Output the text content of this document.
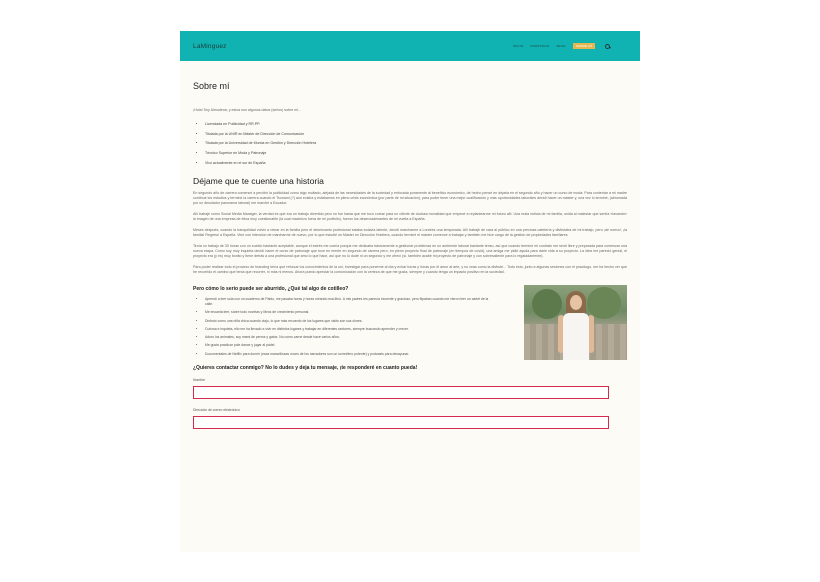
LaMinguez	INICIO PORTFOLIO BLOG	SOBRE MÍ
Sobre mí

¡Hola! Soy Almudena, y estos son algunos datos (serios) sobre mí...

• Licenciada en Publicidad y RR.PP.
• Titulada por la UNIR en Máster de Dirección de Comunicación
• Titulada por la Universidad de Murcia en Gestión y Dirección Hotelera
• Técnico Superior en Moda y Patronaje
• Vivo actualmente en el sur de España
Déjame que te cuente una historia

En segundo año de carrera comencé a percibir la publicidad como algo multado, alejada de las necesidades de la sociedad y enfocada puramente al beneficio económico, de hecho pensé en dejarla en el segundo año y hacer un curso de moda. Para contentar a mi madre continué los estudios y terminé la carrera cuando el Tsunami (?) aún existía y estábamos en pleno crisis económica (por parte de mi situación), para poder tener una mejor cualificación y más oportunidades laborales decidí hacer un máster y, una vez lo terminé, (abrumada por un desolador panorama laboral) me marché a Ecuador.

Allí trabajé como Social Media Manager, la verdad es que era un trabajo divertido pero no fue hasta que me tocó cursar para un cliente de dudosa moralidad que empecé a replantearme mi futuro allí. Una mala noticia de mi familia, unida al malestar que sentía «lavando» la imagen de una empresa de ética muy cuestionable (la cual maximizo fuera de mi portfolio), fueron los desencadenantes de mi vuelta a España.

Meses después, cuando la tranquilidad volvió a reinar en la familia pero el desencanto profesional estaba todavía latente, decidí marcharme a Londres una temporada. Allí trabajé de cara al público en una preciosa cafetería y disfrutaba de mi trabajo, pero ¡de nuevo!, ¡la familia! Regresé a España. Vine con intención de marcharme de nuevo, por lo que estudié un Máster en Dirección Hotelera, cuando terminé el máster comencé a trabajar y también me hice cargo de la gestión de propiedades familiares.

Tenía un trabajo de 30 horas con un sueldo bastante aceptable, aunque el estrés me comía porque me dedicaba básicamente a gestionar problemas en un ambiente laboral bastante tenso, así que cuando terminé mi contrato me sentí libre y preparada para comenzar una nueva etapa. Como soy muy inquieta decidí hacer el curso de patronaje que tuve en mente en segundo de carrera pero, en pleno proyecto final de patronaje (en tiempos de covid), una amiga me pidió ayuda para darle vida a su proyecto. La idea me pareció genial, el proyecto era (y es) muy bonito y tiene detrás a una profesional que amo lo que hace, así que no lo dudé ni un segundo y me ofrecí (sí, también acabé mi proyecto de patronaje y con sobresaliente para lo regaladamente).

Para poder realizar todo el proceso de branding tenía que reforzar los conocimientos de la uni, investigar para ponerme al día y echar horas y horas por el amor al arte, y no veas como la disfruté... Todo esto, junto a algunas sesiones con el psicólogo, me ha hecho ver que he recorrido el camino que tenía que recorrer, ni más ni menos. Ahora puedo apreciar la comunicación con la certeza de que me gusta, siempre y cuando tenga un impacto positivo en la sociedad.

Pero cómo lo serio puede ser aburrido, ¿Qué tal algo de cotilleo?
• Aprendí a leer sola con un cuaderno de Pablo, me pasaba horas y horas mirando esa libro. A mis padres les parecía inocente y gracioso, pero flipaban cuando me vieron leer un cartel de la calle.
• Me encanta leer, sobre todo novelas y libros de crecimiento personal.
• Disfruto como una niña chica cuando viajo, lo que más recuerdo de los lugares que visito son sus olores.
• Curiosa e inquieta, ello me ha llevado a vivir en distintos lugares y trabajar en diferentes sectores, siempre buscando aprender y crecer.
• Adoro los animales, soy mami de perros y gatos. No como carne desde hace varios años.
• Me gusta practicar pole dance y jugar al pádel.
• Documentales de Netflix para dormir (esas maravillosas voces de los narradores son un somnífero potente) y podcasts para desayunar.
¿Quieres contactar conmigo? No lo dudes y deja tu mensaje, ¡te responderé en cuanto pueda!
Nombre
Dirección de correo electrónico
